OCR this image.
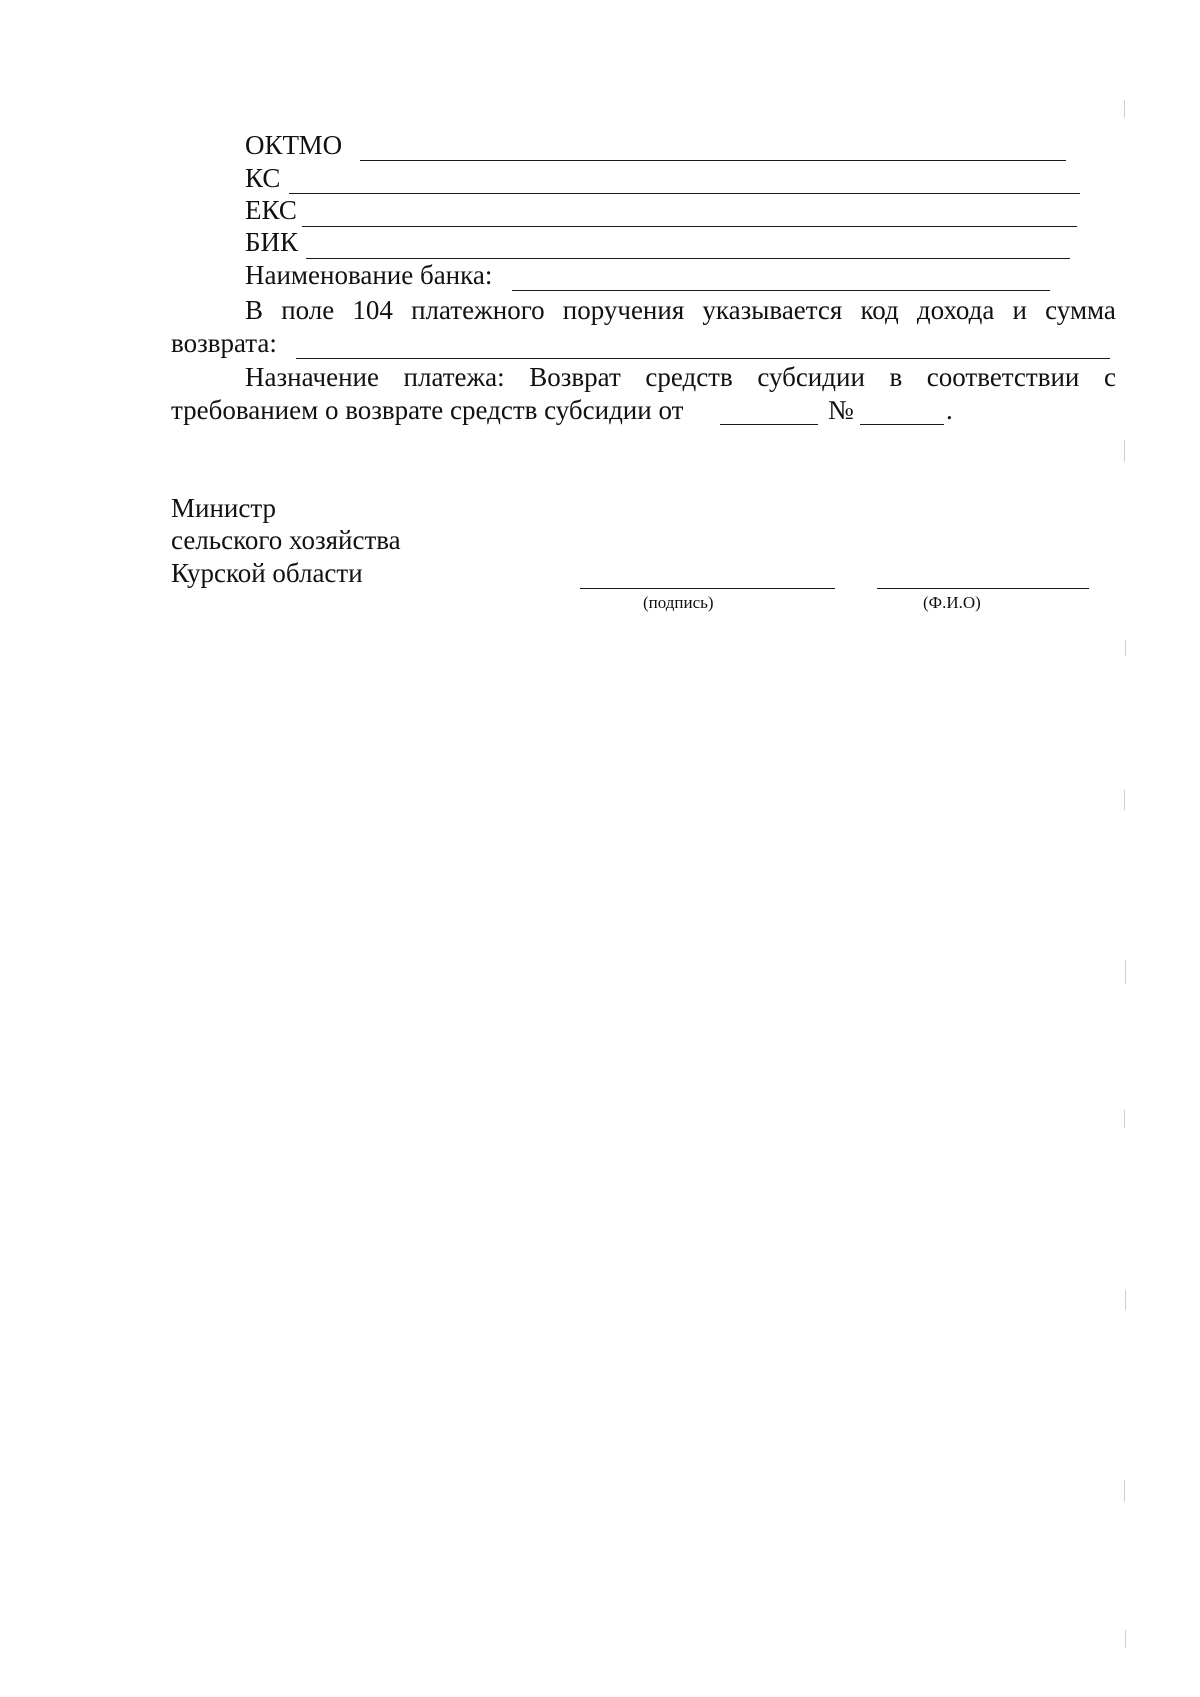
ОКТМО
КС
ЕКС
БИК
Наименование банка:
В поле 104 платежного поручения указывается код дохода и сумма
возврата:
Назначение платежа: Возврат средств субсидии в соответствии с
требованием о возврате средств субсидии от	№	.
Министр
сельского хозяйства
Курской области
(подпись)	(Ф.И.О)
